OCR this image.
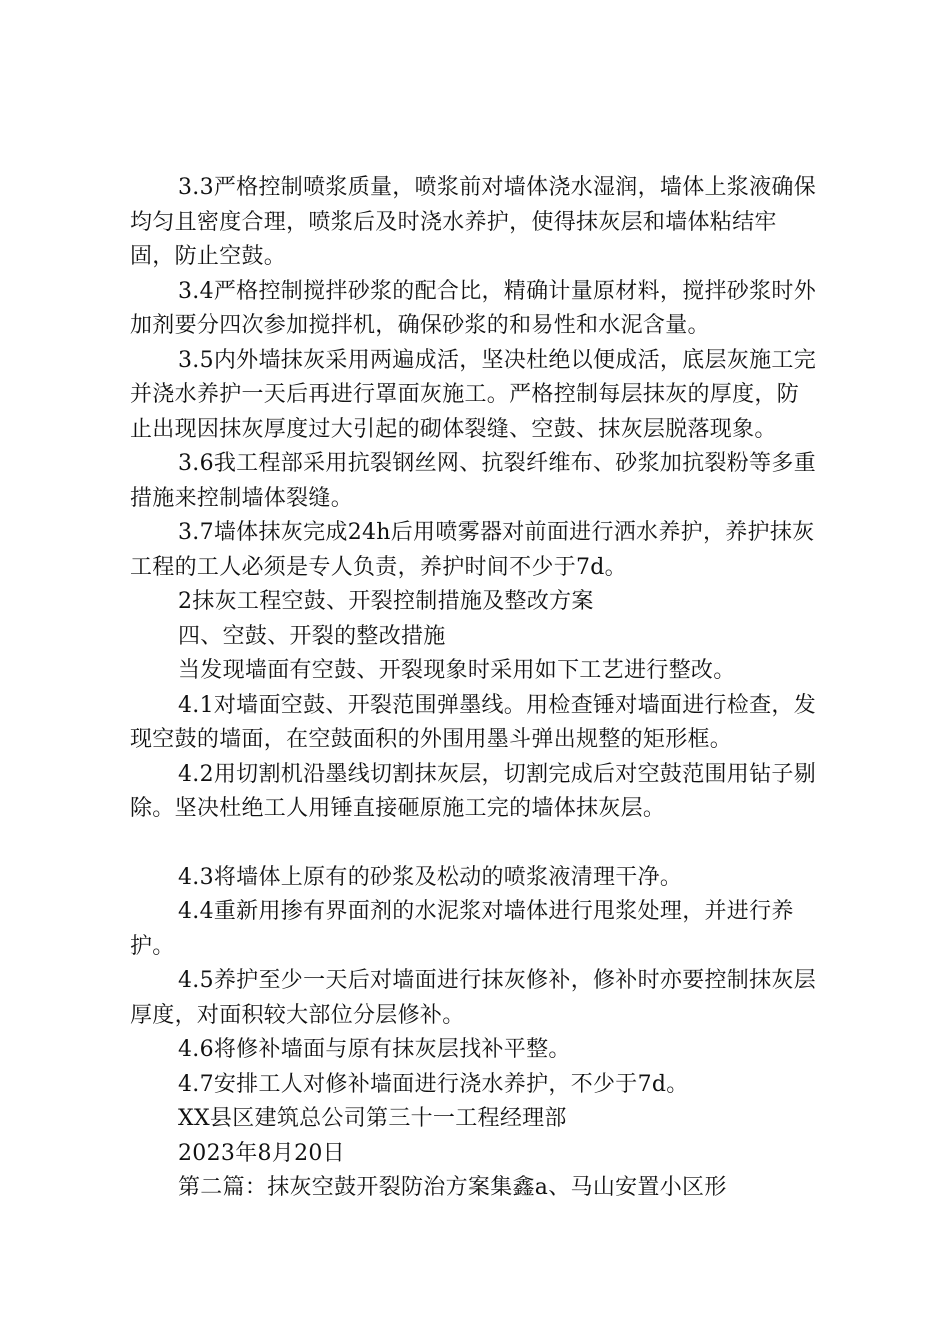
3.3严格控制喷浆质量，喷浆前对墙体浇水湿润，墙体上浆液确保均匀且密度合理，喷浆后及时浇水养护，使得抹灰层和墙体粘结牢固，防止空鼓。

3.4严格控制搅拌砂浆的配合比，精确计量原材料，搅拌砂浆时外加剂要分四次参加搅拌机，确保砂浆的和易性和水泥含量。

3.5内外墙抹灰采用两遍成活，坚决杜绝以便成活，底层灰施工完并浇水养护一天后再进行罩面灰施工。严格控制每层抹灰的厚度，防止出现因抹灰厚度过大引起的砌体裂缝、空鼓、抹灰层脱落现象。

3.6我工程部采用抗裂钢丝网、抗裂纤维布、砂浆加抗裂粉等多重措施来控制墙体裂缝。

3.7墙体抹灰完成24h后用喷雾器对前面进行洒水养护，养护抹灰工程的工人必须是专人负责，养护时间不少于7d。

2抹灰工程空鼓、开裂控制措施及整改方案

四、空鼓、开裂的整改措施

当发现墙面有空鼓、开裂现象时采用如下工艺进行整改。

4.1对墙面空鼓、开裂范围弹墨线。用检查锤对墙面进行检查，发现空鼓的墙面，在空鼓面积的外围用墨斗弹出规整的矩形框。

4.2用切割机沿墨线切割抹灰层，切割完成后对空鼓范围用钻子剔除。坚决杜绝工人用锤直接砸原施工完的墙体抹灰层。

4.3将墙体上原有的砂浆及松动的喷浆液清理干净。

4.4重新用掺有界面剂的水泥浆对墙体进行甩浆处理，并进行养护。

4.5养护至少一天后对墙面进行抹灰修补，修补时亦要控制抹灰层厚度，对面积较大部位分层修补。

4.6将修补墙面与原有抹灰层找补平整。

4.7安排工人对修补墙面进行浇水养护，不少于7d。

XX县区建筑总公司第三十一工程经理部

2023年8月20日

第二篇：抹灰空鼓开裂防治方案集鑫a、马山安置小区形
